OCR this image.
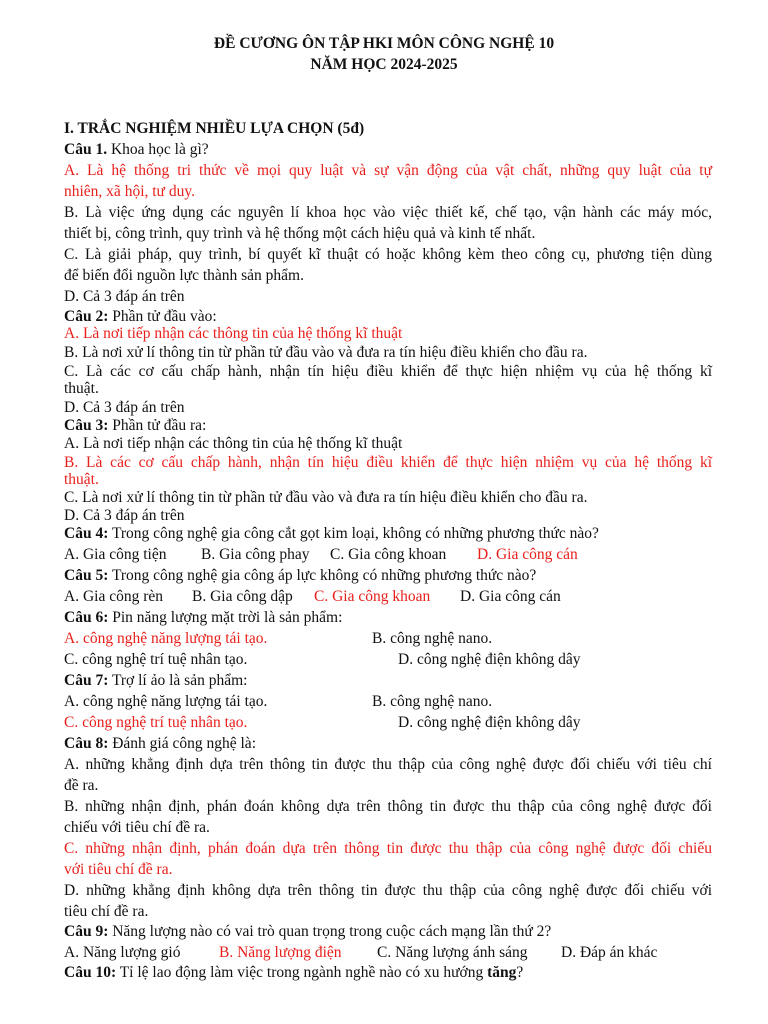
ĐỀ CƯƠNG ÔN TẬP HKI MÔN CÔNG NGHỆ 10
NĂM HỌC 2024-2025
I. TRẮC NGHIỆM NHIỀU LỰA CHỌN (5đ)
Câu 1. Khoa học là gì?
A. Là hệ thống tri thức về mọi quy luật và sự vận động của vật chất, những quy luật của tự
nhiên, xã hội, tư duy.
B. Là việc ứng dụng các nguyên lí khoa học vào việc thiết kế, chế tạo, vận hành các máy móc,
thiết bị, công trình, quy trình và hệ thống một cách hiệu quả và kinh tế nhất.
C. Là giải pháp, quy trình, bí quyết kĩ thuật có hoặc không kèm theo công cụ, phương tiện dùng
để biến đổi nguồn lực thành sản phẩm.
D. Cả 3 đáp án trên
Câu 2: Phần tử đầu vào:
A. Là nơi tiếp nhận các thông tin của hệ thống kĩ thuật
B. Là nơi xử lí thông tin từ phần tử đầu vào và đưa ra tín hiệu điều khiển cho đầu ra.
C. Là các cơ cấu chấp hành, nhận tín hiệu điều khiển để thực hiện nhiệm vụ của hệ thống kĩ
thuật.
D. Cả 3 đáp án trên
Câu 3: Phần tử đầu ra:
A. Là nơi tiếp nhận các thông tin của hệ thống kĩ thuật
B. Là các cơ cấu chấp hành, nhận tín hiệu điều khiển để thực hiện nhiệm vụ của hệ thống kĩ
thuật.
C. Là nơi xử lí thông tin từ phần tử đầu vào và đưa ra tín hiệu điều khiển cho đầu ra.
D. Cả 3 đáp án trên
Câu 4: Trong công nghệ gia công cắt gọt kim loại, không có những phương thức nào?
A. Gia công tiện B. Gia công phay C. Gia công khoan D. Gia công cán
Câu 5: Trong công nghệ gia công áp lực không có những phương thức nào?
A. Gia công rèn B. Gia công dập C. Gia công khoan D. Gia công cán
Câu 6: Pin năng lượng mặt trời là sản phẩm:
A. công nghệ năng lượng tái tạo.	B. công nghệ nano.
C. công nghệ trí tuệ nhân tạo.	D. công nghệ điện không dây
Câu 7: Trợ lí ảo là sản phẩm:
A. công nghệ năng lượng tái tạo.	B. công nghệ nano.
C. công nghệ trí tuệ nhân tạo.	D. công nghệ điện không dây
Câu 8: Đánh giá công nghệ là:
A. những khẳng định dựa trên thông tin được thu thập của công nghệ được đối chiếu với tiêu chí
đề ra.
B. những nhận định, phán đoán không dựa trên thông tin được thu thập của công nghệ được đối
chiếu với tiêu chí đề ra.
C. những nhận định, phán đoán dựa trên thông tin được thu thập của công nghệ được đối chiếu
với tiêu chí đề ra.
D. những khẳng định không dựa trên thông tin được thu thập của công nghệ được đối chiếu với
tiêu chí đề ra.
Câu 9: Năng lượng nào có vai trò quan trọng trong cuộc cách mạng lần thứ 2?
A. Năng lượng gió B. Năng lượng điện C. Năng lượng ánh sáng D. Đáp án khác
Câu 10: Tỉ lệ lao động làm việc trong ngành nghề nào có xu hướng tăng?
